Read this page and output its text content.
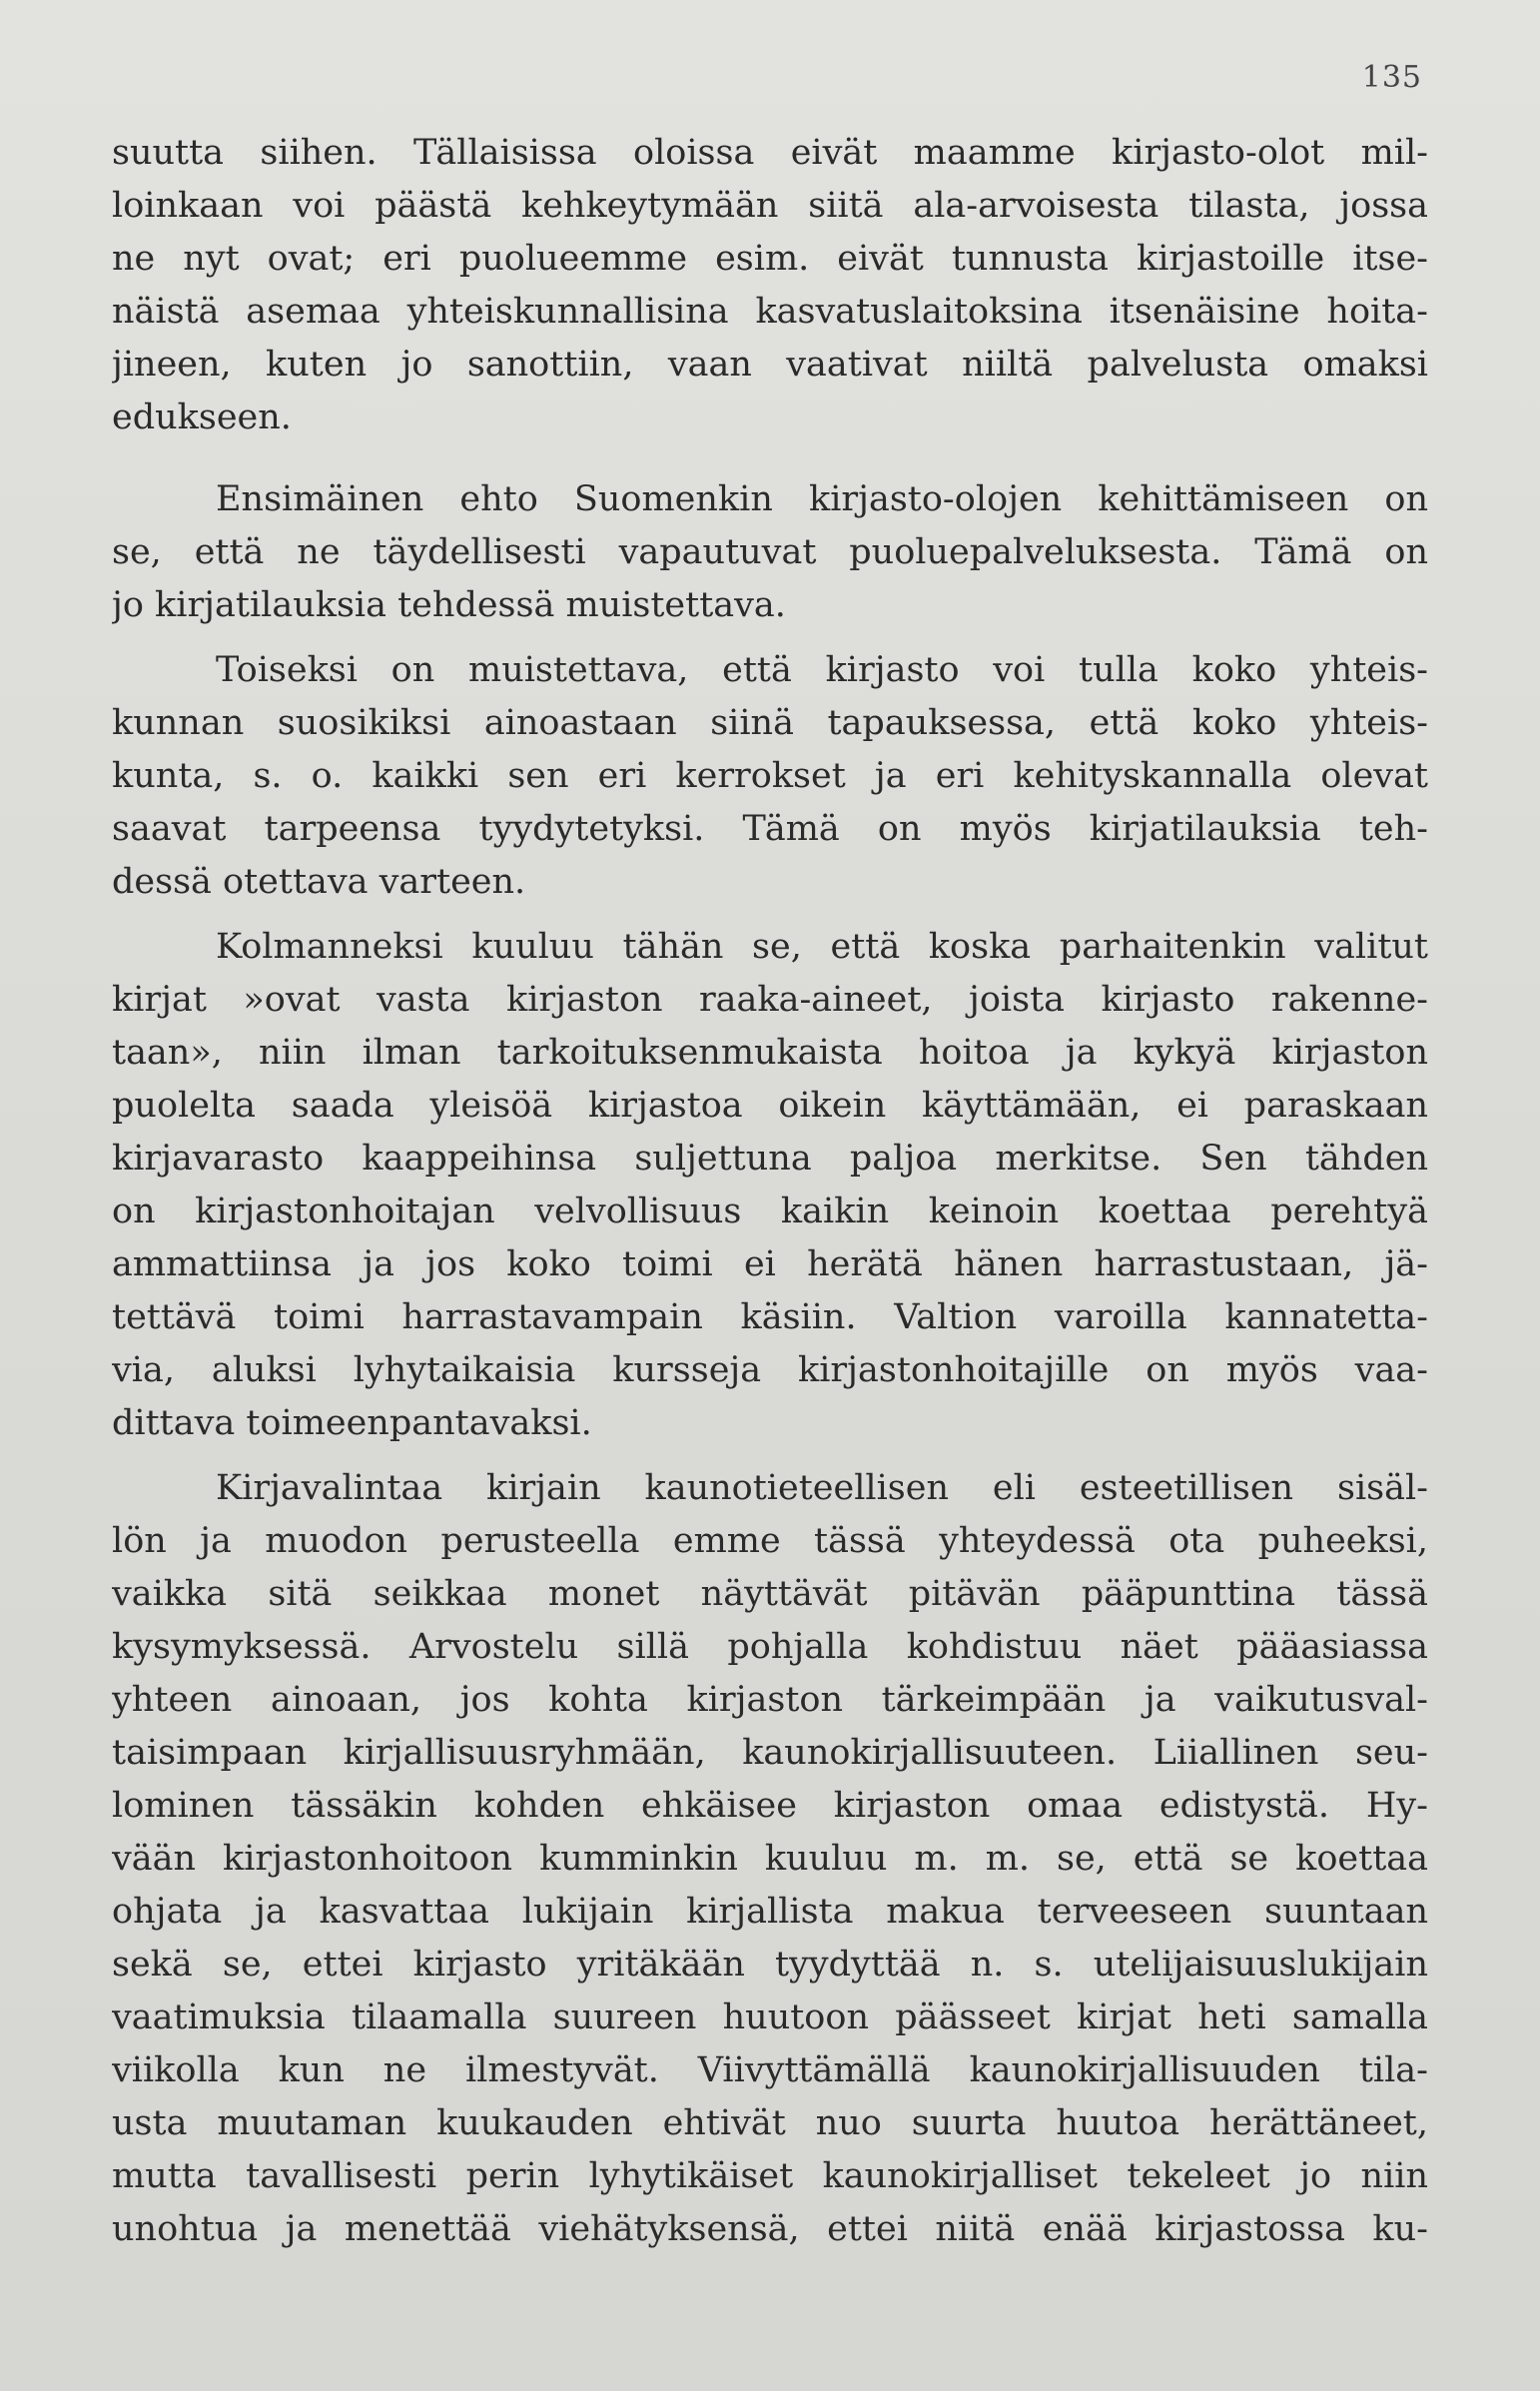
135
suutta siihen. Tällaisissa oloissa eivät maamme kirjasto-olot mil-
loinkaan voi päästä kehkeytymään siitä ala-arvoisesta tilasta, jossa
ne nyt ovat; eri puolueemme esim. eivät tunnusta kirjastoille itse-
näistä asemaa yhteiskunnallisina kasvatuslaitoksina itsenäisine hoita-
jineen, kuten jo sanottiin, vaan vaativat niiltä palvelusta omaksi
edukseen.
Ensimäinen ehto Suomenkin kirjasto-olojen kehittämiseen on
se, että ne täydellisesti vapautuvat puoluepalveluksesta. Tämä on
jo kirjatilauksia tehdessä muistettava.
Toiseksi on muistettava, että kirjasto voi tulla koko yhteis-
kunnan suosikiksi ainoastaan siinä tapauksessa, että koko yhteis-
kunta, s. o. kaikki sen eri kerrokset ja eri kehityskannalla olevat
saavat tarpeensa tyydytetyksi. Tämä on myös kirjatilauksia teh-
dessä otettava varteen.
Kolmanneksi kuuluu tähän se, että koska parhaitenkin valitut
kirjat »ovat vasta kirjaston raaka-aineet, joista kirjasto rakenne-
taan», niin ilman tarkoituksenmukaista hoitoa ja kykyä kirjaston
puolelta saada yleisöä kirjastoa oikein käyttämään, ei paraskaan
kirjavarasto kaappeihinsa suljettuna paljoa merkitse. Sen tähden
on kirjastonhoitajan velvollisuus kaikin keinoin koettaa perehtyä
ammattiinsa ja jos koko toimi ei herätä hänen harrastustaan, jä-
tettävä toimi harrastavampain käsiin. Valtion varoilla kannatetta-
via, aluksi lyhytaikaisia kursseja kirjastonhoitajille on myös vaa-
dittava toimeenpantavaksi.
Kirjavalintaa kirjain kaunotieteellisen eli esteetillisen sisäl-
lön ja muodon perusteella emme tässä yhteydessä ota puheeksi,
vaikka sitä seikkaa monet näyttävät pitävän pääpunttina tässä
kysymyksessä. Arvostelu sillä pohjalla kohdistuu näet pääasiassa
yhteen ainoaan, jos kohta kirjaston tärkeimpään ja vaikutusval-
taisimpaan kirjallisuusryhmään, kaunokirjallisuuteen. Liiallinen seu-
lominen tässäkin kohden ehkäisee kirjaston omaa edistystä. Hy-
vään kirjastonhoitoon kumminkin kuuluu m. m. se, että se koettaa
ohjata ja kasvattaa lukijain kirjallista makua terveeseen suuntaan
sekä se, ettei kirjasto yritäkään tyydyttää n. s. utelijaisuuslukijain
vaatimuksia tilaamalla suureen huutoon päässeet kirjat heti samalla
viikolla kun ne ilmestyvät. Viivyttämällä kaunokirjallisuuden tila-
usta muutaman kuukauden ehtivät nuo suurta huutoa herättäneet,
mutta tavallisesti perin lyhytikäiset kaunokirjalliset tekeleet jo niin
unohtua ja menettää viehätyksensä, ettei niitä enää kirjastossa ku-
